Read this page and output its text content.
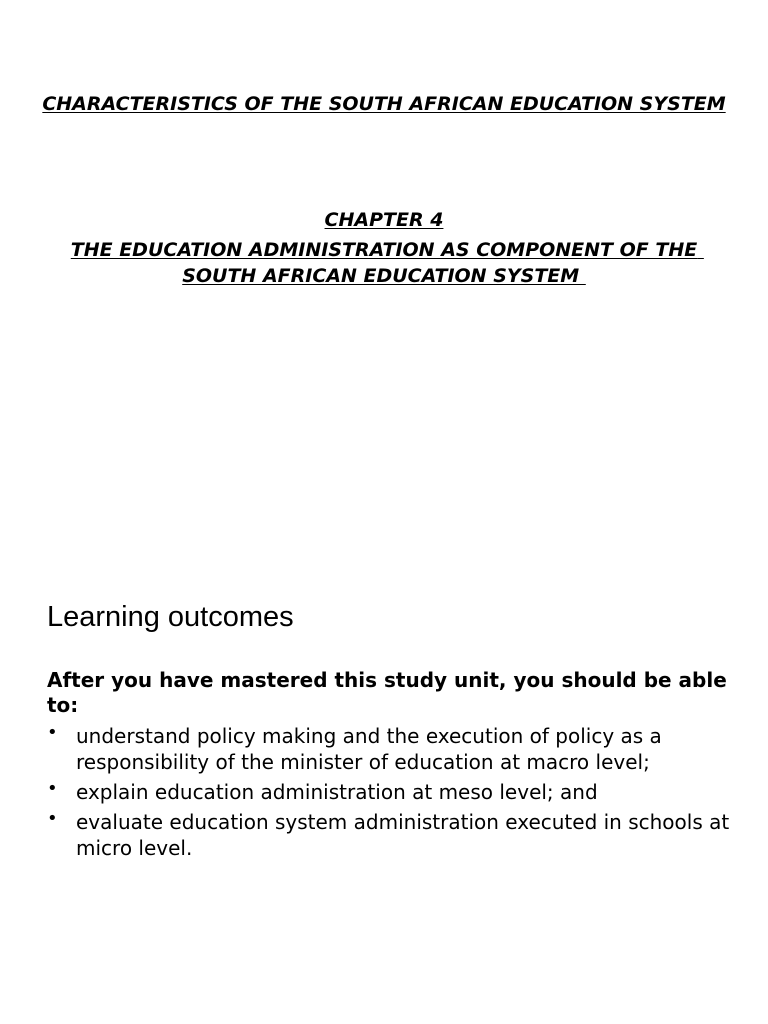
CHARACTERISTICS OF THE SOUTH AFRICAN EDUCATION SYSTEM
CHAPTER 4
THE EDUCATION ADMINISTRATION AS COMPONENT OF THE SOUTH AFRICAN EDUCATION SYSTEM
Learning outcomes

After you have mastered this study unit, you should be able to:

• understand policy making and the execution of policy as a responsibility of the minister of education at macro level;
• explain education administration at meso level; and
• evaluate education system administration executed in schools at micro level.
